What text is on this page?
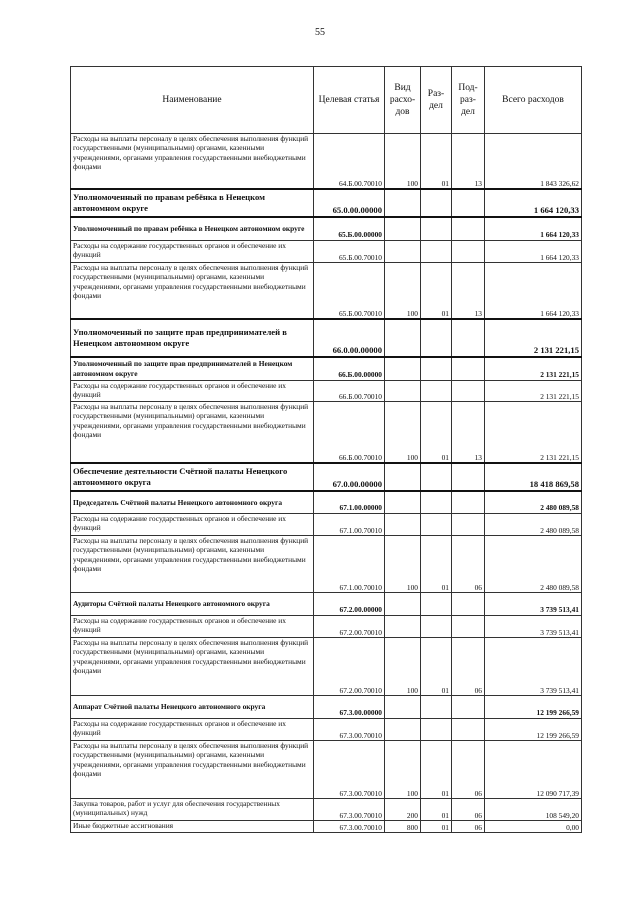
55
Наименование	Целевая статья	Вид расхо-дов	Раз-дел	Под-раз-дел	Всего расходов
Расходы на выплаты персоналу в целях обеспечения выполнения функций государственными (муниципальными) органами, казенными учреждениями, органами управления государственными внебюджетными фондами	64.Б.00.70010	100	01	13	1 843 326,62
Уполномоченный по правам ребёнка в Ненецком автономном округе	65.0.00.00000				1 664 120,33
Уполномоченный по правам ребёнка в Ненецком автономном округе	65.Б.00.00000				1 664 120,33
Расходы на содержание государственных органов и обеспечение их функций	65.Б.00.70010				1 664 120,33
Расходы на выплаты персоналу в целях обеспечения выполнения функций государственными (муниципальными) органами, казенными учреждениями, органами управления государственными внебюджетными фондами	65.Б.00.70010	100	01	13	1 664 120,33
Уполномоченный по защите прав предпринимателей в Ненецком автономном округе	66.0.00.00000				2 131 221,15
Уполномоченный по защите прав предпринимателей в Ненецком автономном округе	66.Б.00.00000				2 131 221,15
Расходы на содержание государственных органов и обеспечение их функций	66.Б.00.70010				2 131 221,15
Расходы на выплаты персоналу в целях обеспечения выполнения функций государственными (муниципальными) органами, казенными учреждениями, органами управления государственными внебюджетными фондами	66.Б.00.70010	100	01	13	2 131 221,15
Обеспечение деятельности Счётной палаты Ненецкого автономного округа	67.0.00.00000				18 418 869,58
Председатель Счётной палаты Ненецкого автономного округа	67.1.00.00000				2 480 089,58
Расходы на содержание государственных органов и обеспечение их функций	67.1.00.70010				2 480 089,58
Расходы на выплаты персоналу в целях обеспечения выполнения функций государственными (муниципальными) органами, казенными учреждениями, органами управления государственными внебюджетными фондами	67.1.00.70010	100	01	06	2 480 089,58
Аудиторы Счётной палаты Ненецкого автономного округа	67.2.00.00000				3 739 513,41
Расходы на содержание государственных органов и обеспечение их функций	67.2.00.70010				3 739 513,41
Расходы на выплаты персоналу в целях обеспечения выполнения функций государственными (муниципальными) органами, казенными учреждениями, органами управления государственными внебюджетными фондами	67.2.00.70010	100	01	06	3 739 513,41
Аппарат Счётной палаты Ненецкого автономного округа	67.3.00.00000				12 199 266,59
Расходы на содержание государственных органов и обеспечение их функций	67.3.00.70010				12 199 266,59
Расходы на выплаты персоналу в целях обеспечения выполнения функций государственными (муниципальными) органами, казенными учреждениями, органами управления государственными внебюджетными фондами	67.3.00.70010	100	01	06	12 090 717,39
Закупка товаров, работ и услуг для обеспечения государственных (муниципальных) нужд	67.3.00.70010	200	01	06	108 549,20
Иные бюджетные ассигнования	67.3.00.70010	800	01	06	0,00
